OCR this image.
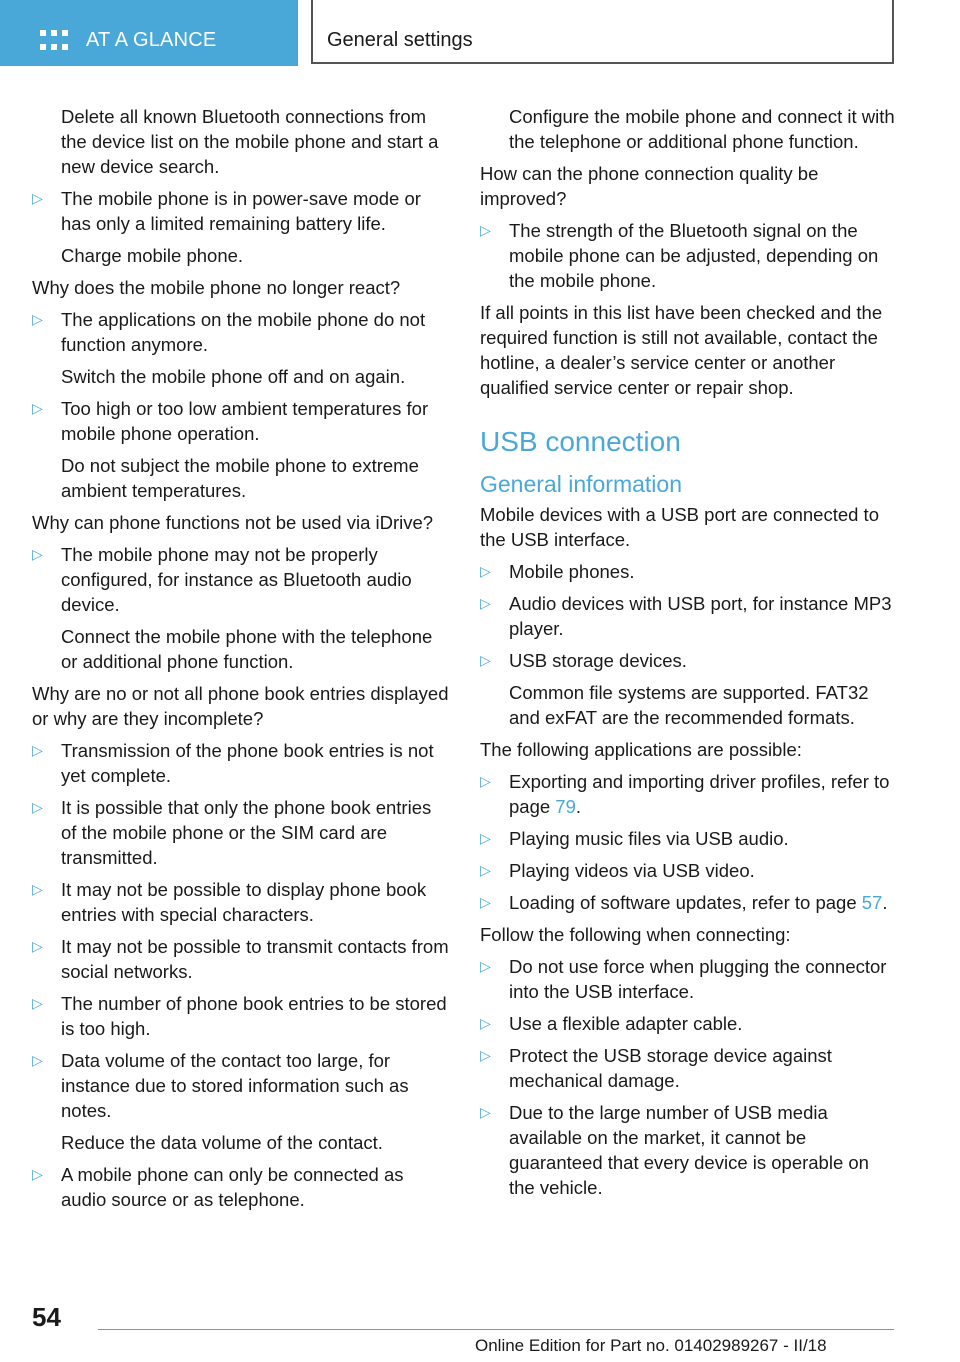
AT A GLANCE	General settings

Delete all known Bluetooth connections from the device list on the mobile phone and start a new device search.

▷ The mobile phone is in power-save mode or has only a limited remaining battery life.

Charge mobile phone.

Why does the mobile phone no longer react?

▷ The applications on the mobile phone do not function anymore.

Switch the mobile phone off and on again.

▷ Too high or too low ambient temperatures for mobile phone operation.

Do not subject the mobile phone to extreme ambient temperatures.

Why can phone functions not be used via iDrive?

▷ The mobile phone may not be properly configured, for instance as Bluetooth audio device.

Connect the mobile phone with the telephone or additional phone function.

Why are no or not all phone book entries displayed or why are they incomplete?

▷ Transmission of the phone book entries is not yet complete.
▷ It is possible that only the phone book entries of the mobile phone or the SIM card are transmitted.
▷ It may not be possible to display phone book entries with special characters.
▷ It may not be possible to transmit contacts from social networks.
▷ The number of phone book entries to be stored is too high.
▷ Data volume of the contact too large, for instance due to stored information such as notes.

Reduce the data volume of the contact.

▷ A mobile phone can only be connected as audio source or as telephone.

Configure the mobile phone and connect it with the telephone or additional phone function.

How can the phone connection quality be improved?

▷ The strength of the Bluetooth signal on the mobile phone can be adjusted, depending on the mobile phone.

If all points in this list have been checked and the required function is still not available, contact the hotline, a dealer’s service center or another qualified service center or repair shop.

USB connection
General information

Mobile devices with a USB port are connected to the USB interface.

▷ Mobile phones.
▷ Audio devices with USB port, for instance MP3 player.
▷ USB storage devices.

Common file systems are supported. FAT32 and exFAT are the recommended formats.

The following applications are possible:

▷ Exporting and importing driver profiles, refer to page 79.
▷ Playing music files via USB audio.
▷ Playing videos via USB video.
▷ Loading of software updates, refer to page 57.

Follow the following when connecting:

▷ Do not use force when plugging the connector into the USB interface.
▷ Use a flexible adapter cable.
▷ Protect the USB storage device against mechanical damage.
▷ Due to the large number of USB media available on the market, it cannot be guaranteed that every device is operable on the vehicle.
54
Online Edition for Part no. 01402989267 - II/18
